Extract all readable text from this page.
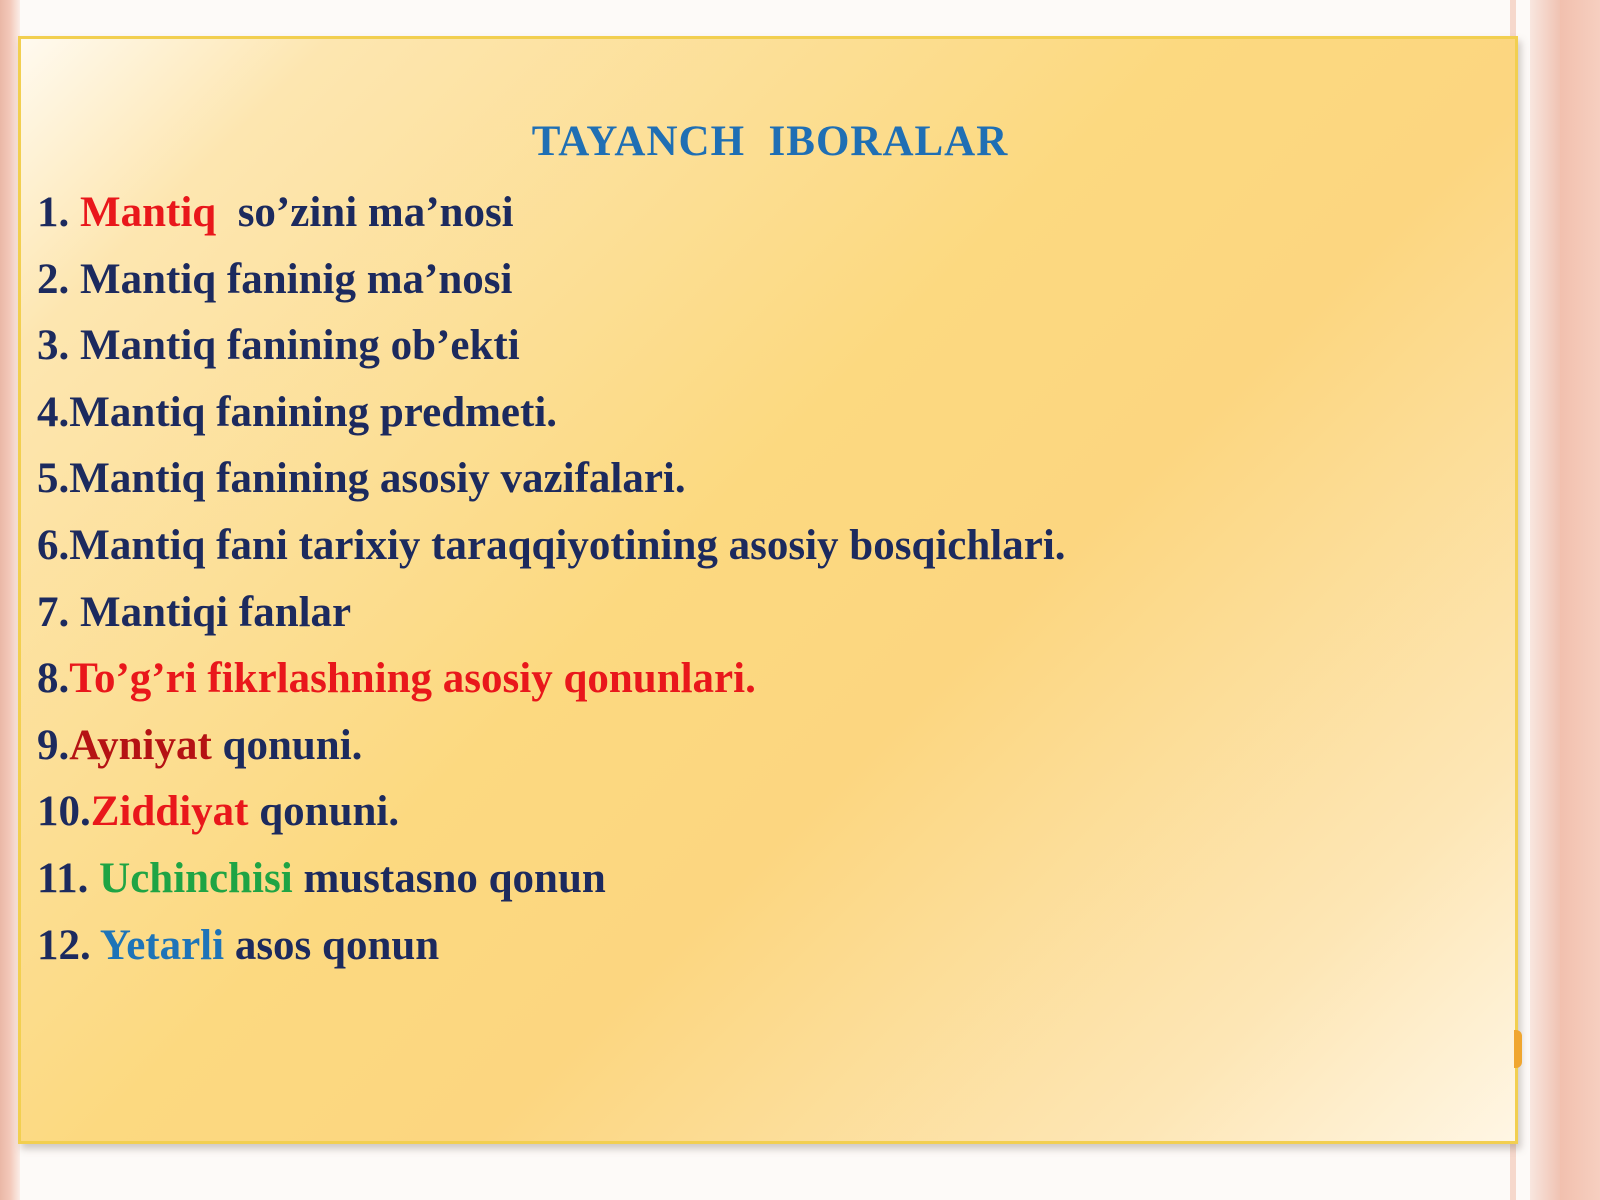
TAYANCH  IBORALAR
1. Mantiq  so’zini ma’nosi
2. Mantiq faninig ma’nosi
3. Mantiq fanining ob’ekti
4.Mantiq fanining predmeti.
5.Mantiq fanining asosiy vazifalari.
6.Mantiq fani tarixiy taraqqiyotining asosiy bosqichlari.
7. Mantiqi fanlar
8.To’g’ri fikrlashning asosiy qonunlari.
9.Ayniyat qonuni.
10.Ziddiyat qonuni.
11. Uchinchisi mustasno qonun
12. Yetarli asos qonun
